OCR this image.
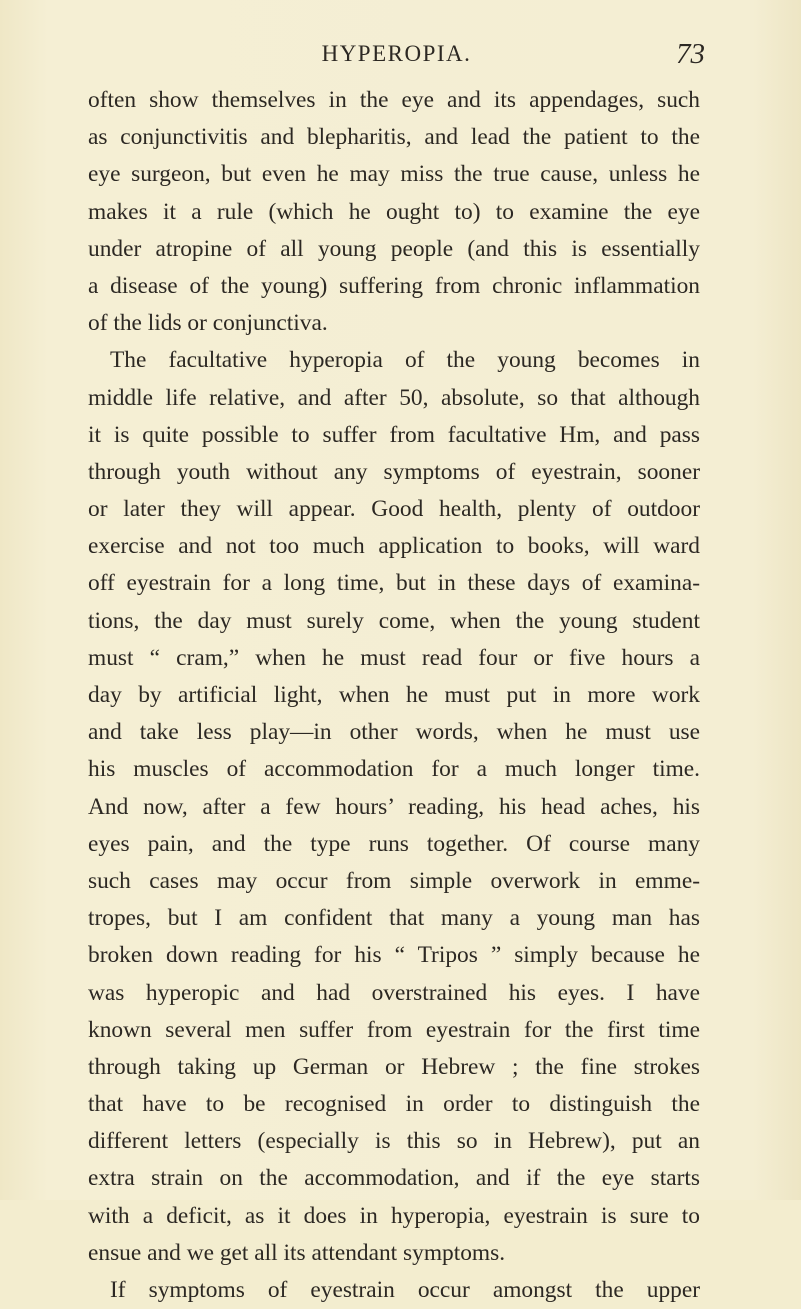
HYPEROPIA.	73
often show themselves in the eye and its appendages, such
as conjunctivitis and blepharitis, and lead the patient to the
eye surgeon, but even he may miss the true cause, unless he
makes it a rule (which he ought to) to examine the eye
under atropine of all young people (and this is essentially
a disease of the young) suffering from chronic inflammation
of the lids or conjunctiva.
The facultative hyperopia of the young becomes in
middle life relative, and after 50, absolute, so that although
it is quite possible to suffer from facultative Hm, and pass
through youth without any symptoms of eyestrain, sooner
or later they will appear. Good health, plenty of outdoor
exercise and not too much application to books, will ward
off eyestrain for a long time, but in these days of examina-
tions, the day must surely come, when the young student
must “ cram,” when he must read four or five hours a
day by artificial light, when he must put in more work
and take less play—in other words, when he must use
his muscles of accommodation for a much longer time.
And now, after a few hours’ reading, his head aches, his
eyes pain, and the type runs together. Of course many
such cases may occur from simple overwork in emme-
tropes, but I am confident that many a young man has
broken down reading for his “ Tripos ” simply because he
was hyperopic and had overstrained his eyes. I have
known several men suffer from eyestrain for the first time
through taking up German or Hebrew ; the fine strokes
that have to be recognised in order to distinguish the
different letters (especially is this so in Hebrew), put an
extra strain on the accommodation, and if the eye starts
with a deficit, as it does in hyperopia, eyestrain is sure to
ensue and we get all its attendant symptoms.
If symptoms of eyestrain occur amongst the upper
